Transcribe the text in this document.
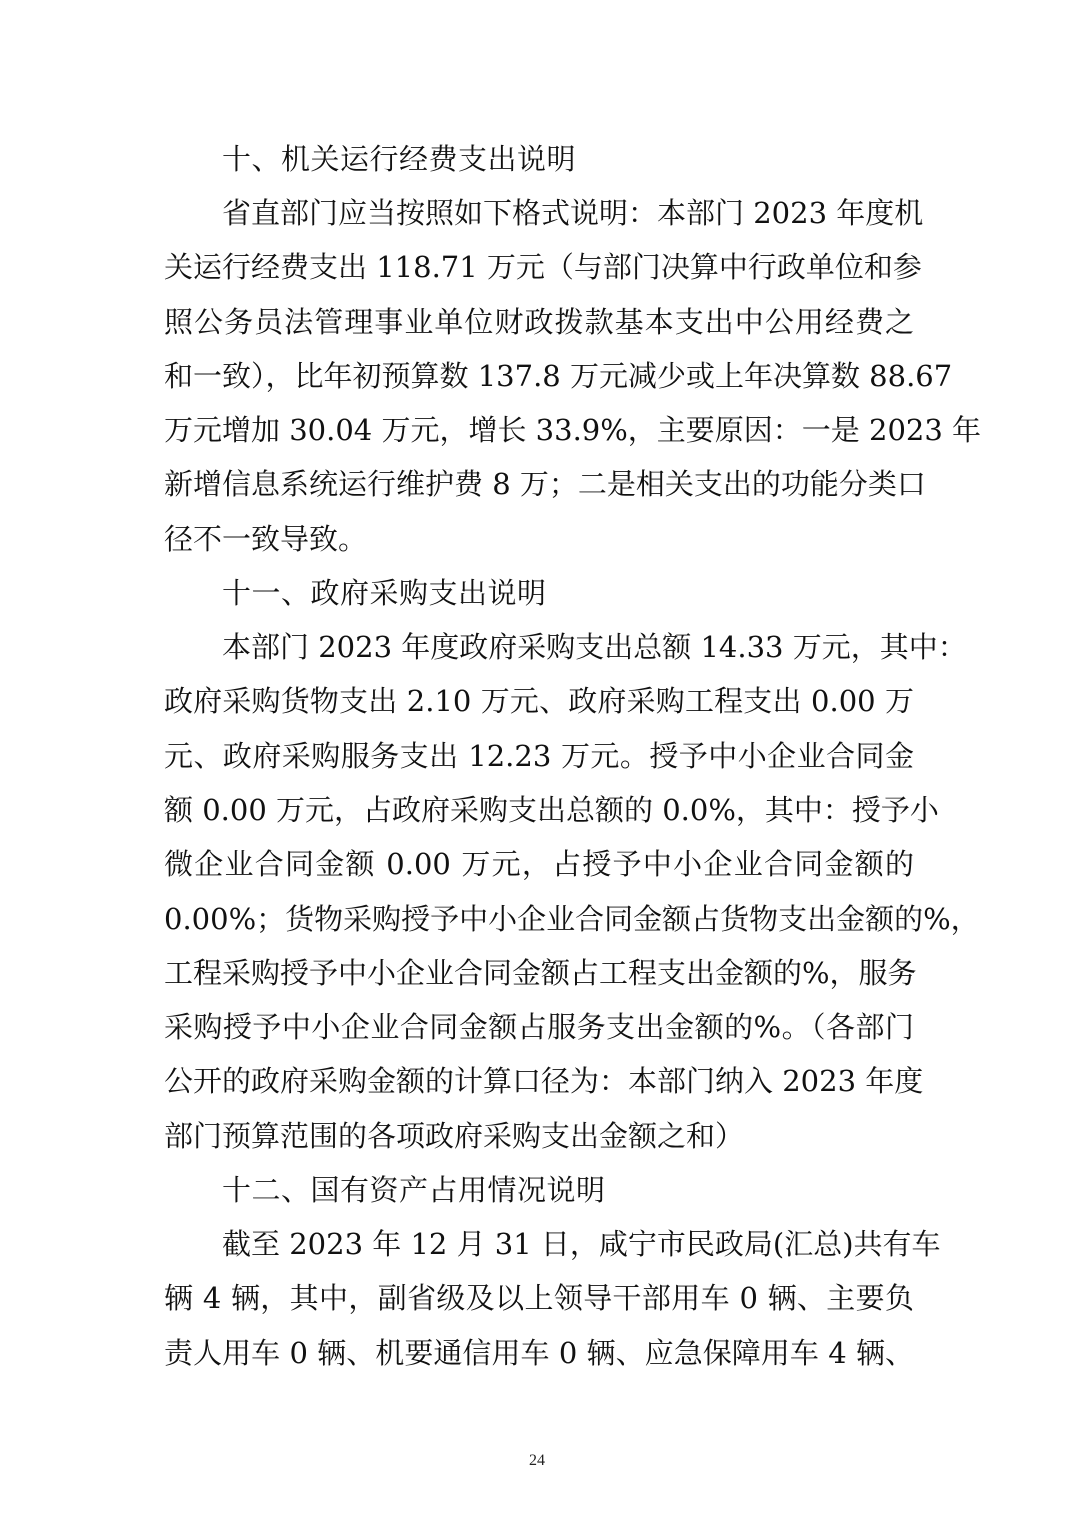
十、机关运行经费支出说明

省直部门应当按照如下格式说明：本部门 2023 年度机
关运行经费支出 118.71 万元（与部门决算中行政单位和参
照公务员法管理事业单位财政拨款基本支出中公用经费之
和一致），比年初预算数 137.8 万元减少或上年决算数 88.67
万元增加 30.04 万元，增长 33.9%，主要原因：一是 2023 年
新增信息系统运行维护费 8 万；二是相关支出的功能分类口
径不一致导致。

十一、政府采购支出说明

本部门 2023 年度政府采购支出总额 14.33 万元，其中：
政府采购货物支出 2.10 万元、政府采购工程支出 0.00 万
元、政府采购服务支出 12.23 万元。授予中小企业合同金
额 0.00 万元，占政府采购支出总额的 0.0%，其中：授予小
微企业合同金额 0.00 万元，占授予中小企业合同金额的
0.00%；货物采购授予中小企业合同金额占货物支出金额的%，
工程采购授予中小企业合同金额占工程支出金额的%，服务
采购授予中小企业合同金额占服务支出金额的%。（各部门
公开的政府采购金额的计算口径为：本部门纳入 2023 年度
部门预算范围的各项政府采购支出金额之和）

十二、国有资产占用情况说明

截至 2023 年 12 月 31 日，咸宁市民政局(汇总)共有车
辆 4 辆，其中，副省级及以上领导干部用车 0 辆、主要负
责人用车 0 辆、机要通信用车 0 辆、应急保障用车 4 辆、

24
